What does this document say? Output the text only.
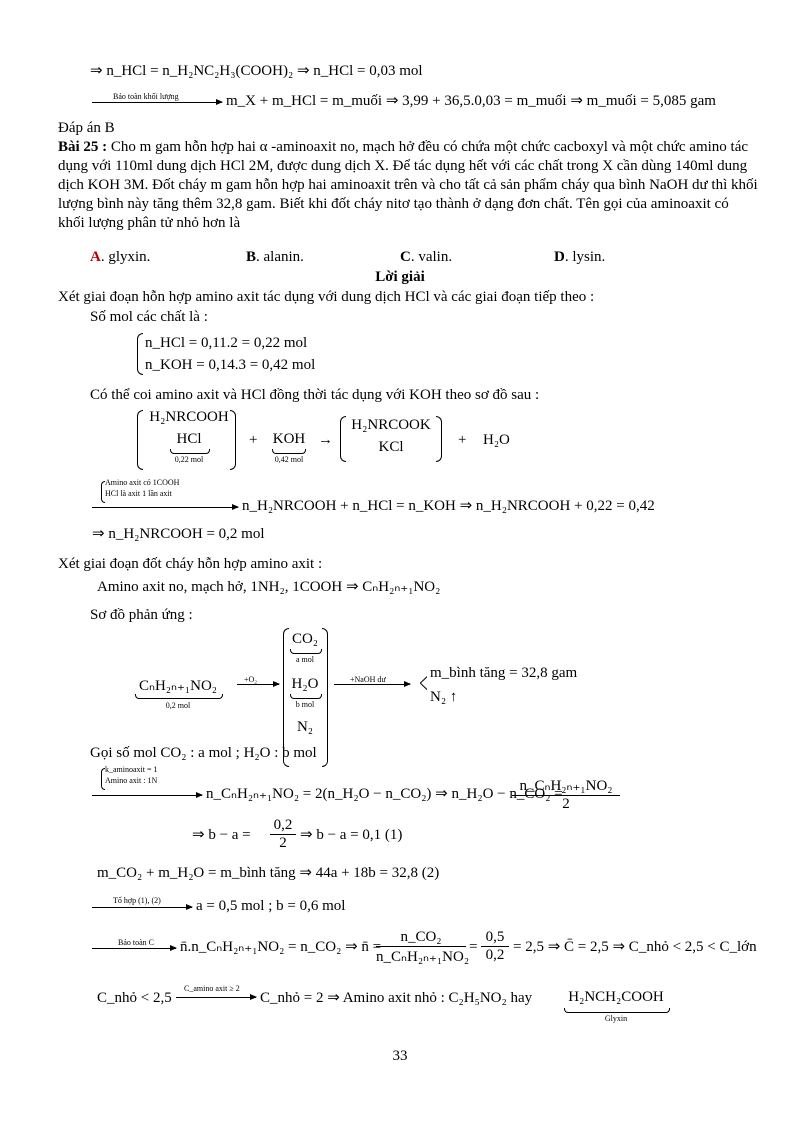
⇒ n_HCl = n_H₂NC₂H₃(COOH)₂ ⇒ n_HCl = 0,03 mol
Bảo toàn khối lượng	m_X + m_HCl = m_muối ⇒ 3,99 + 36,5.0,03 = m_muối ⇒ m_muối = 5,085 gam
Đáp án B
Bài 25 : Cho m gam hỗn hợp hai α -aminoaxit no, mạch hở đều có chứa một chức cacboxyl và một chức amino tác dụng với 110ml dung dịch HCl 2M, được dung dịch X. Để tác dụng hết với các chất trong X cần dùng 140ml dung dịch KOH 3M. Đốt cháy m gam hỗn hợp hai aminoaxit trên và cho tất cả sản phẩm cháy qua bình NaOH dư thì khối lượng bình này tăng thêm 32,8 gam. Biết khi đốt cháy nitơ tạo thành ở dạng đơn chất. Tên gọi của aminoaxit có khối lượng phân tử nhỏ hơn là
A. glyxin.	B. alanin.	C. valin.	D. lysin.
Lời giải
Xét giai đoạn hỗn hợp amino axit tác dụng với dung dịch HCl và các giai đoạn tiếp theo :
Số mol các chất là :
n_HCl = 0,11.2 = 0,22 mol
n_KOH = 0,14.3 = 0,42 mol
Có thể coi amino axit và HCl đồng thời tác dụng với KOH theo sơ đồ sau :
H₂NRCOOH
HCl
0,22 mol
+	KOH
0,42 mol
→
H₂NRCOOK
KCl	+ H₂O
Amino axit có 1COOH
HCl là axit 1 lần axit
n_H₂NRCOOH + n_HCl = n_KOH ⇒ n_H₂NRCOOH + 0,22 = 0,42
⇒ n_H₂NRCOOH = 0,2 mol
Xét giai đoạn đốt cháy hỗn hợp amino axit :
Amino axit no, mạch hở, 1NH₂, 1COOH ⇒ CₙH₂ₙ₊₁NO₂
Sơ đồ phản ứng :
CₙH₂ₙ₊₁NO₂
0,2 mol
+O₂
CO₂
a mol
H₂O
b mol
N₂
+NaOH dư < m_bình tăng = 32,8 gam
N₂ ↑
Gọi số mol CO₂ : a mol ; H₂O : b mol
k_aminoaxit = 1
Amino axit : 1N
n_CₙH₂ₙ₊₁NO₂ = 2(n_H₂O − n_CO₂) ⇒ n_H₂O − n_CO₂ =
n_CₙH₂ₙ₊₁NO₂
2
⇒ $b - a = \frac{0,2}{2}$ ⇒ b − a = 0,1 (1)
m_CO₂ + m_H₂O = m_bình tăng ⇒ 44a + 18b = 32,8 (2)
Tổ hợp (1), (2) a = 0,5 mol ; b = 0,6 mol
Bảo toàn C n̄.n_CₙH₂ₙ₊₁NO₂ = n_CO₂ ⇒ n̄ =
n_CO₂
n_CₙH₂ₙ₊₁NO₂
= $\frac{0,5}{0,2} = 2,5$ ⇒ C̄ = 2,5 ⇒ C_nhỏ < 2,5 < C_lớn
C_nhỏ < 2,5
C_amino axit ≥ 2
C_nhỏ = 2 ⇒ Amino axit nhỏ : C₂H₅NO₂ hay	H₂NCH₂COOH
Glyxin
33
